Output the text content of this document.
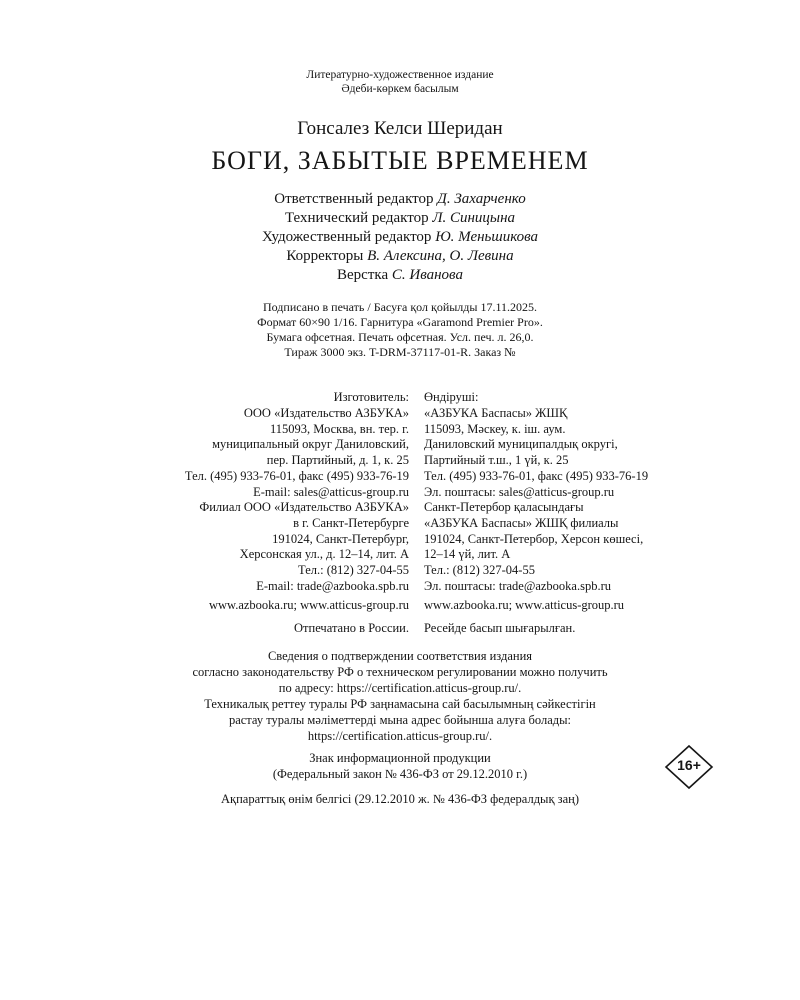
Литературно-художественное издание
Әдеби-көркем басылым
Гонсалез Келси Шеридан
БОГИ, ЗАБЫТЫЕ ВРЕМЕНЕМ
Ответственный редактор Д. Захарченко
Технический редактор Л. Синицына
Художественный редактор Ю. Меньшикова
Корректоры В. Алексина, О. Левина
Верстка С. Иванова
Подписано в печать / Басуға қол қойылды 17.11.2025.
Формат 60×90 1/16. Гарнитура «Garamond Premier Pro».
Бумага офсетная. Печать офсетная. Усл. печ. л. 26,0.
Тираж 3000 экз. T-DRM-37117-01-R. Заказ №
Изготовитель:
ООО «Издательство АЗБУКА»
115093, Москва, вн. тер. г.
муниципальный округ Даниловский,
пер. Партийный, д. 1, к. 25
Тел. (495) 933-76-01, факс (495) 933-76-19
E-mail: sales@atticus-group.ru
Өндіруші:
«АЗБУКА Баспасы» ЖШҚ
115093, Мәскеу, к. іш. аум.
Даниловский муниципалдық округі,
Партийный т.ш., 1 үй, к. 25
Тел. (495) 933-76-01, факс (495) 933-76-19
Эл. поштасы: sales@atticus-group.ru
Филиал ООО «Издательство АЗБУКА»
в г. Санкт-Петербурге
191024, Санкт-Петербург,
Херсонская ул., д. 12–14, лит. А
Тел.: (812) 327-04-55
E-mail: trade@azbooka.spb.ru
Санкт-Петербор қаласындағы
«АЗБУКА Баспасы» ЖШҚ филиалы
191024, Санкт-Петербор, Херсон көшесі,
12–14 үй, лит. А
Тел.: (812) 327-04-55
Эл. поштасы: trade@azbooka.spb.ru
www.azbooka.ru; www.atticus-group.ru www.azbooka.ru; www.atticus-group.ru
Отпечатано в России. Ресейде басып шығарылған.
Сведения о подтверждении соответствия издания
согласно законодательству РФ о техническом регулировании можно получить
по адресу: https://certification.atticus-group.ru/.
Техникалық реттеу туралы РФ заңнамасына сай басылымның сәйкестігін
растау туралы мәліметтерді мына адрес бойынша алуға болады:
https://certification.atticus-group.ru/.
Знак информационной продукции
(Федеральный закон № 436-ФЗ от 29.12.2010 г.)
16+
Ақпараттық өнім белгісі (29.12.2010 ж. № 436-ФЗ федералдық заң)
